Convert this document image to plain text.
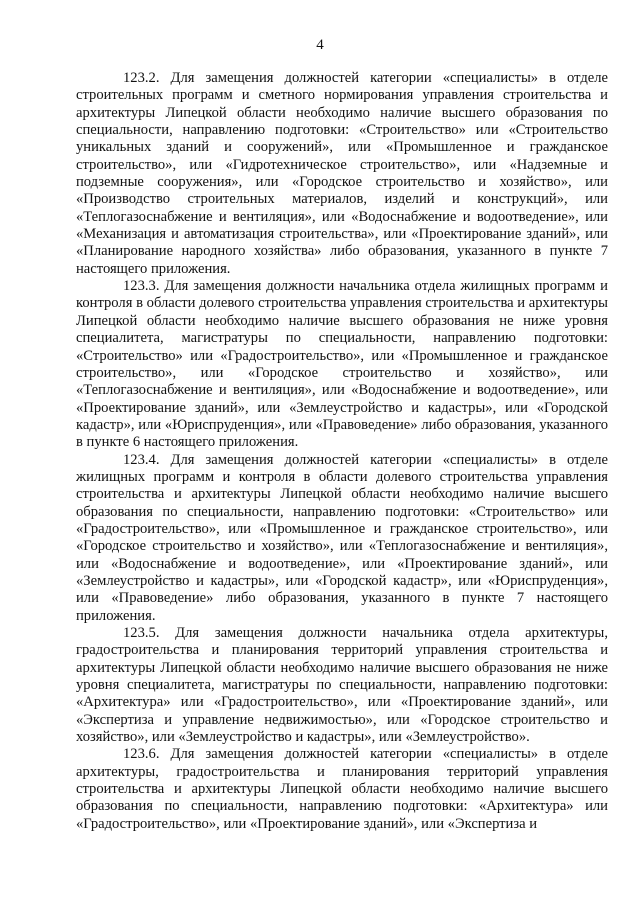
4

123.2. Для замещения должностей категории «специалисты» в отделе строительных программ и сметного нормирования управления строительства и архитектуры Липецкой области необходимо наличие высшего образования по специальности, направлению подготовки: «Строительство» или «Строительство уникальных зданий и сооружений», или «Промышленное и гражданское строительство», или «Гидротехническое строительство», или «Надземные и подземные сооружения», или «Городское строительство и хозяйство», или «Производство строительных материалов, изделий и конструкций», или «Теплогазоснабжение и вентиляция», или «Водоснабжение и водоотведение», или «Механизация и автоматизация строительства», или «Проектирование зданий», или «Планирование народного хозяйства» либо образования, указанного в пункте 7 настоящего приложения.

123.3. Для замещения должности начальника отдела жилищных программ и контроля в области долевого строительства управления строительства и архитектуры Липецкой области необходимо наличие высшего образования не ниже уровня специалитета, магистратуры по специальности, направлению подготовки: «Строительство» или «Градостроительство», или «Промышленное и гражданское строительство», или «Городское строительство и хозяйство», или «Теплогазоснабжение и вентиляция», или «Водоснабжение и водоотведение», или «Проектирование зданий», или «Землеустройство и кадастры», или «Городской кадастр», или «Юриспруденция», или «Правоведение» либо образования, указанного в пункте 6 настоящего приложения.

123.4. Для замещения должностей категории «специалисты» в отделе жилищных программ и контроля в области долевого строительства управления строительства и архитектуры Липецкой области необходимо наличие высшего образования по специальности, направлению подготовки: «Строительство» или «Градостроительство», или «Промышленное и гражданское строительство», или «Городское строительство и хозяйство», или «Теплогазоснабжение и вентиляция», или «Водоснабжение и водоотведение», или «Проектирование зданий», или «Землеустройство и кадастры», или «Городской кадастр», или «Юриспруденция», или «Правоведение» либо образования, указанного в пункте 7 настоящего приложения.

123.5. Для замещения должности начальника отдела архитектуры, градостроительства и планирования территорий управления строительства и архитектуры Липецкой области необходимо наличие высшего образования не ниже уровня специалитета, магистратуры по специальности, направлению подготовки: «Архитектура» или «Градостроительство», или «Проектирование зданий», или «Экспертиза и управление недвижимостью», или «Городское строительство и хозяйство», или «Землеустройство и кадастры», или «Землеустройство».

123.6. Для замещения должностей категории «специалисты» в отделе архитектуры, градостроительства и планирования территорий управления строительства и архитектуры Липецкой области необходимо наличие высшего образования по специальности, направлению подготовки: «Архитектура» или «Градостроительство», или «Проектирование зданий», или «Экспертиза и
